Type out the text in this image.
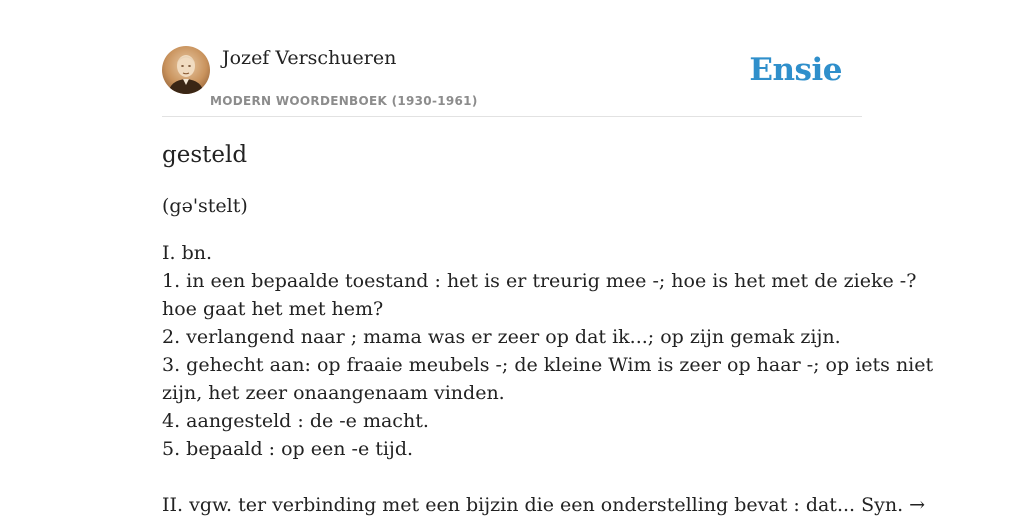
Jozef Verschueren
MODERN WOORDENBOEK (1930-1961)
Ensie
gesteld
(gə'stelt)
I. bn.
1. in een bepaalde toestand : het is er treurig mee -; hoe is het met de zieke -?
hoe gaat het met hem?
2. verlangend naar ; mama was er zeer op dat ik...; op zijn gemak zijn.
3. gehecht aan: op fraaie meubels -; de kleine Wim is zeer op haar -; op iets niet
zijn, het zeer onaangenaam vinden.
4. aangesteld : de -e macht.
5. bepaald : op een -e tijd.
II. vgw. ter verbinding met een bijzin die een onderstelling bevat : dat... Syn. →
